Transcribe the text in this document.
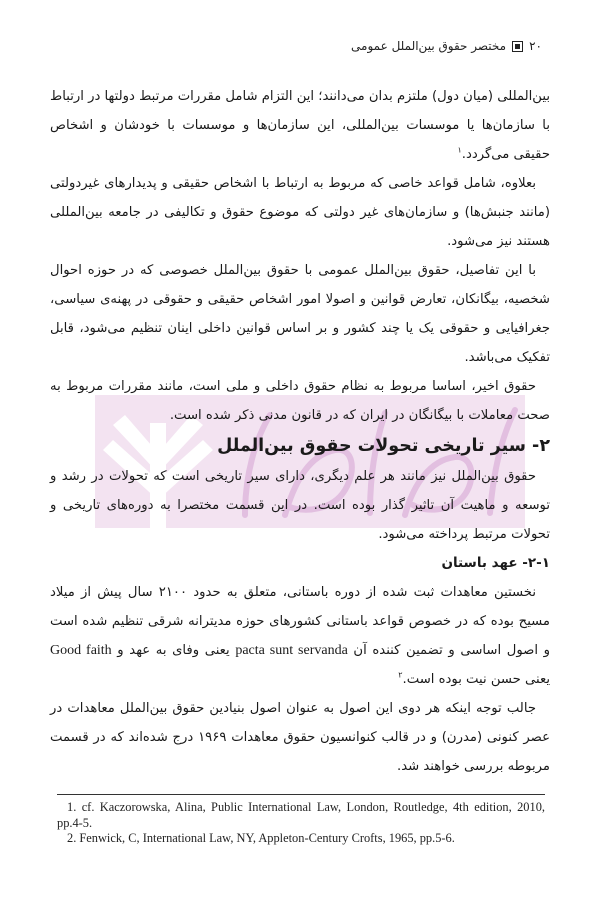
۲۰
مختصر حقوق بین‌الملل عمومی

بین‌المللی (میان دول) ملتزم بدان می‌دانند؛ این التزام شامل مقررات مرتبط دولتها در ارتباط با سازمان‌ها یا موسسات بین‌المللی، این سازمان‌ها و موسسات با خودشان و اشخاص حقیقی می‌گردد.$^۱$

بعلاوه، شامل قواعد خاصی که مربوط به ارتباط با اشخاص حقیقی و پدیدارهای غیردولتی (مانند جنبش‌ها) و سازمان‌های غیر دولتی که موضوع حقوق و تکالیفی در جامعه بین‌المللی هستند نیز می‌شود.

با این تفاصیل، حقوق بین‌الملل عمومی با حقوق بین‌الملل خصوصی که در حوزه احوال شخصیه، بیگانکان، تعارض قوانین و اصولا امور اشخاص حقیقی و حقوقی در پهنه‌ی سیاسی، جغرافیایی و حقوقی یک یا چند کشور و بر اساس قوانین داخلی اینان تنظیم می‌شود، قابل تفکیک می‌باشد.

حقوق اخیر، اساسا مربوط به نظام حقوق داخلی و ملی است، مانند مقررات مربوط به صحت معاملات با بیگانگان در ایران که در قانون مدنی ذکر شده است.

۲- سیر تاریخی تحولات حقوق بین‌الملل

حقوق بین‌الملل نیز مانند هر علم دیگری، دارای سیر تاریخی است که تحولات در رشد و توسعه و ماهیت آن تاثیر گذار بوده است. در این قسمت مختصرا به دوره‌های تاریخی و تحولات مرتبط پرداخته می‌شود.

۲-۱- عهد باستان

نخستین معاهدات ثبت شده از دوره باستانی، متعلق به حدود ۲۱۰۰ سال پیش از میلاد مسیح بوده که در خصوص قواعد باستانی کشورهای حوزه مدیترانه شرقی تنظیم شده است و اصول اساسی و تضمین کننده آن pacta sunt servanda یعنی وفای به عهد و Good faith یعنی حسن نیت بوده است.$^۲$

جالب توجه اینکه هر دوی این اصول به عنوان اصول بنیادین حقوق بین‌الملل معاهدات در عصر کنونی (مدرن) و در قالب کنوانسیون حقوق معاهدات ۱۹۶۹ درج شده‌اند که در قسمت مربوطه بررسی خواهند شد.

1. cf. Kaczorowska, Alina, Public International Law, London, Routledge, 4th edition, 2010, pp.4-5.

2. Fenwick, C, International Law, NY, Appleton-Century Crofts, 1965, pp.5-6.
